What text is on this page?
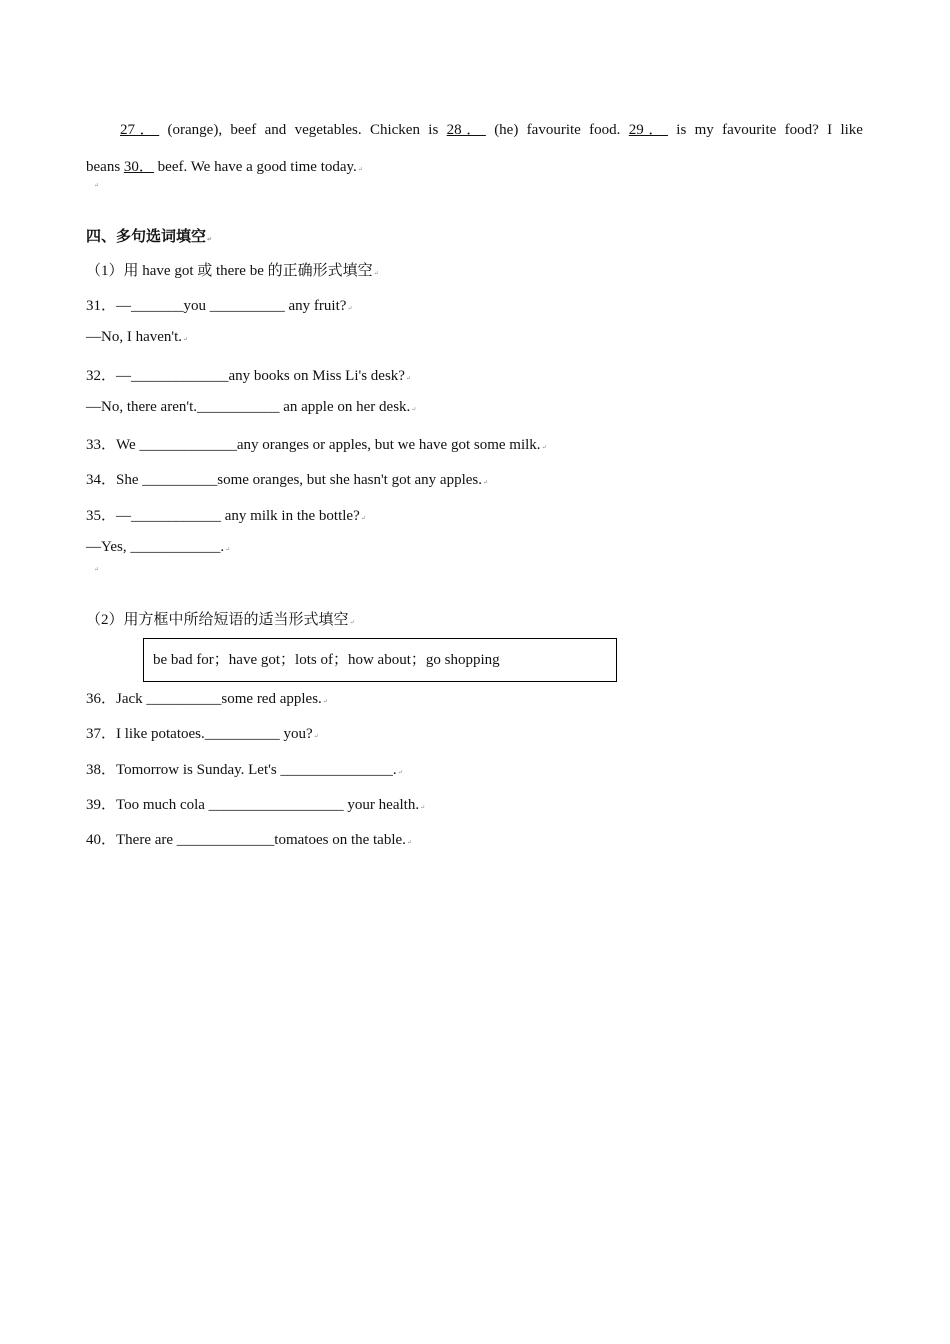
27． (orange), beef and vegetables. Chicken is 28． (he) favourite food. 29． is my favourite food? I like
beans 30． beef. We have a good time today.↵
↵
四、多句选词填空↵
（1）用 have got 或 there be 的正确形式填空↵
31．—_______you __________ any fruit?↵
—No, I haven't.↵
32．—_____________any books on Miss Li's desk?↵
—No, there aren't.___________ an apple on her desk.↵
33．We _____________any oranges or apples, but we have got some milk.↵
34．She __________some oranges, but she hasn't got any apples.↵
35．—____________ any milk in the bottle?↵
—Yes, ____________.↵
↵
（2）用方框中所给短语的适当形式填空↵
be bad for；have got；lots of；how about；go shopping
36．Jack __________some red apples.↵
37．I like potatoes.__________ you?↵
38．Tomorrow is Sunday. Let's _______________.↵
39．Too much cola __________________ your health.↵
40．There are _____________tomatoes on the table.↵
